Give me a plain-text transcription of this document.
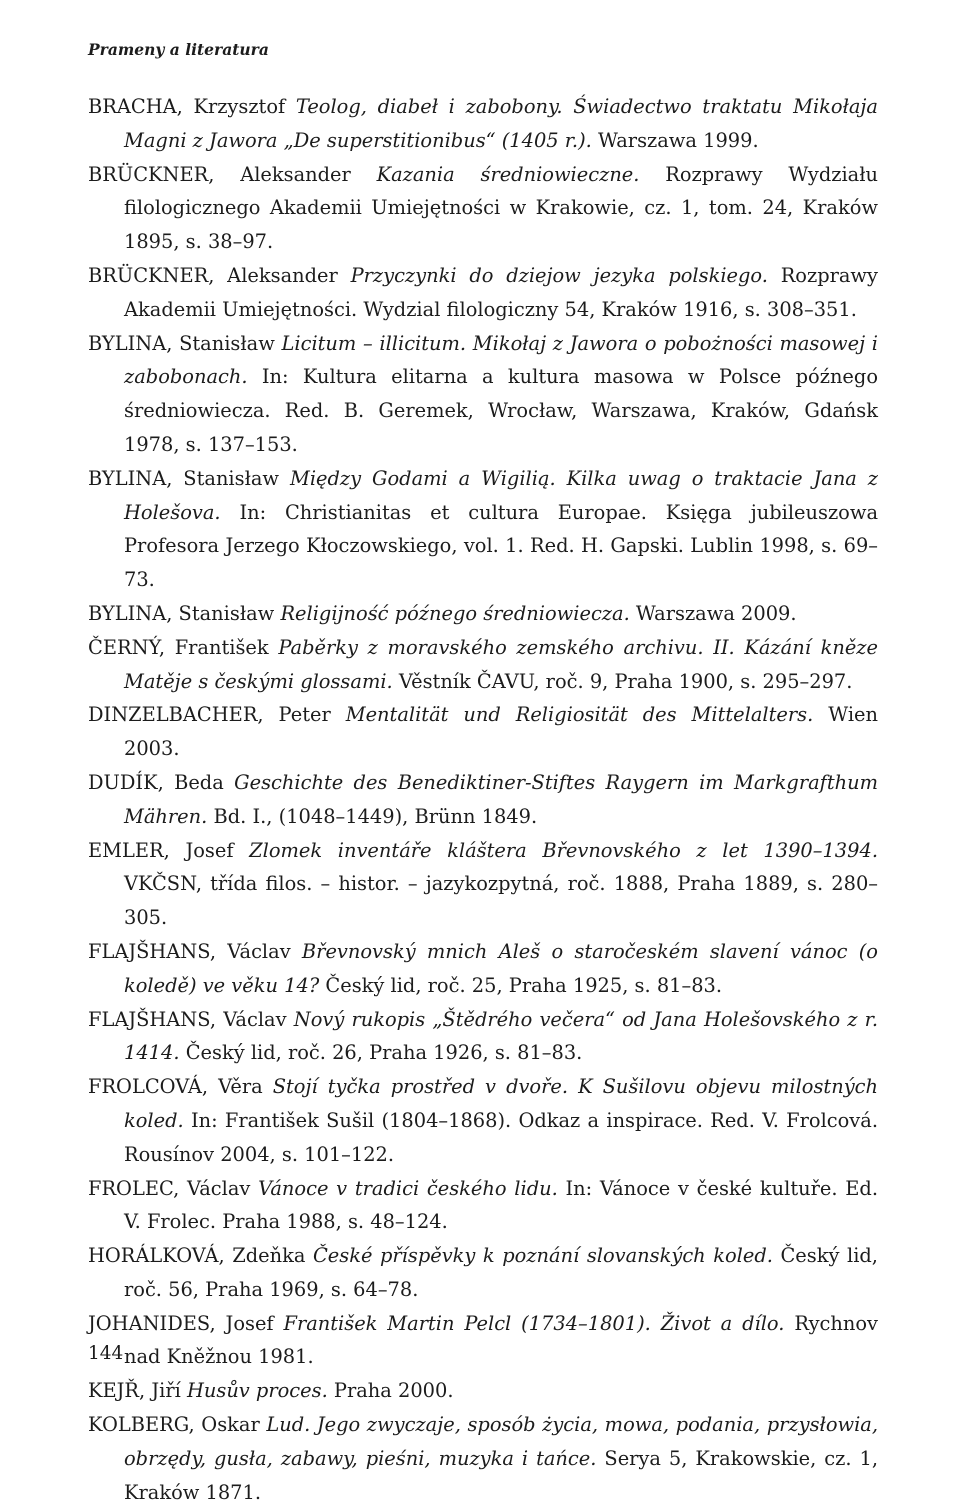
Prameny a literatura

BRACHA, Krzysztof Teolog, diabeł i zabobony. Świadectwo traktatu Mikołaja Magni z Jawora „De superstitionibus“ (1405 r.). Warszawa 1999.

BRÜCKNER, Aleksander Kazania średniowieczne. Rozprawy Wydziału filologicznego Akademii Umiejętności w Krakowie, cz. 1, tom. 24, Kraków 1895, s. 38–97.

BRÜCKNER, Aleksander Przyczynki do dziejow jezyka polskiego. Rozprawy Akademii Umiejętności. Wydzial filologiczny 54, Kraków 1916, s. 308–351.

BYLINA, Stanisław Licitum – illicitum. Mikołaj z Jawora o pobożności masowej i zabobonach. In: Kultura elitarna a kultura masowa w Polsce późnego średniowiecza. Red. B. Geremek, Wrocław, Warszawa, Kraków, Gdańsk 1978, s. 137–153.

BYLINA, Stanisław Między Godami a Wigilią. Kilka uwag o traktacie Jana z Holešova. In: Christianitas et cultura Europae. Księga jubileuszowa Profesora Jerzego Kłoczowskiego, vol. 1. Red. H. Gapski. Lublin 1998, s. 69–73.

BYLINA, Stanisław Religijność późnego średniowiecza. Warszawa 2009.

ČERNÝ, František Paběrky z moravského zemského archivu. II. Kázání kněze Matěje s českými glossami. Věstník ČAVU, roč. 9, Praha 1900, s. 295–297.

DINZELBACHER, Peter Mentalität und Religiosität des Mittelalters. Wien 2003.

DUDÍK, Beda Geschichte des Benediktiner-Stiftes Raygern im Markgrafthum Mähren. Bd. I., (1048–1449), Brünn 1849.

EMLER, Josef Zlomek inventáře kláštera Břevnovského z let 1390–1394. VKČSN, třída filos. – histor. – jazykozpytná, roč. 1888, Praha 1889, s. 280–305.

FLAJŠHANS, Václav Břevnovský mnich Aleš o staročeském slavení vánoc (o koledě) ve věku 14? Český lid, roč. 25, Praha 1925, s. 81–83.

FLAJŠHANS, Václav Nový rukopis „Štědrého večera“ od Jana Holešovského z r. 1414. Český lid, roč. 26, Praha 1926, s. 81–83.

FROLCOVÁ, Věra Stojí tyčka prostřed v dvoře. K Sušilovu objevu milostných koled. In: František Sušil (1804–1868). Odkaz a inspirace. Red. V. Frolcová. Rousínov 2004, s. 101–122.

FROLEC, Václav Vánoce v tradici českého lidu. In: Vánoce v české kultuře. Ed. V. Frolec. Praha 1988, s. 48–124.

HORÁLKOVÁ, Zdeňka České příspěvky k poznání slovanských koled. Český lid, roč. 56, Praha 1969, s. 64–78.

JOHANIDES, Josef František Martin Pelcl (1734–1801). Život a dílo. Rychnov nad Kněžnou 1981.

KEJŘ, Jiří Husův proces. Praha 2000.

KOLBERG, Oskar Lud. Jego zwyczaje, sposób życia, mowa, podania, przysłowia, obrzędy, gusła, zabawy, pieśni, muzyka i tańce. Serya 5, Krakowskie, cz. 1, Kraków 1871.

144
